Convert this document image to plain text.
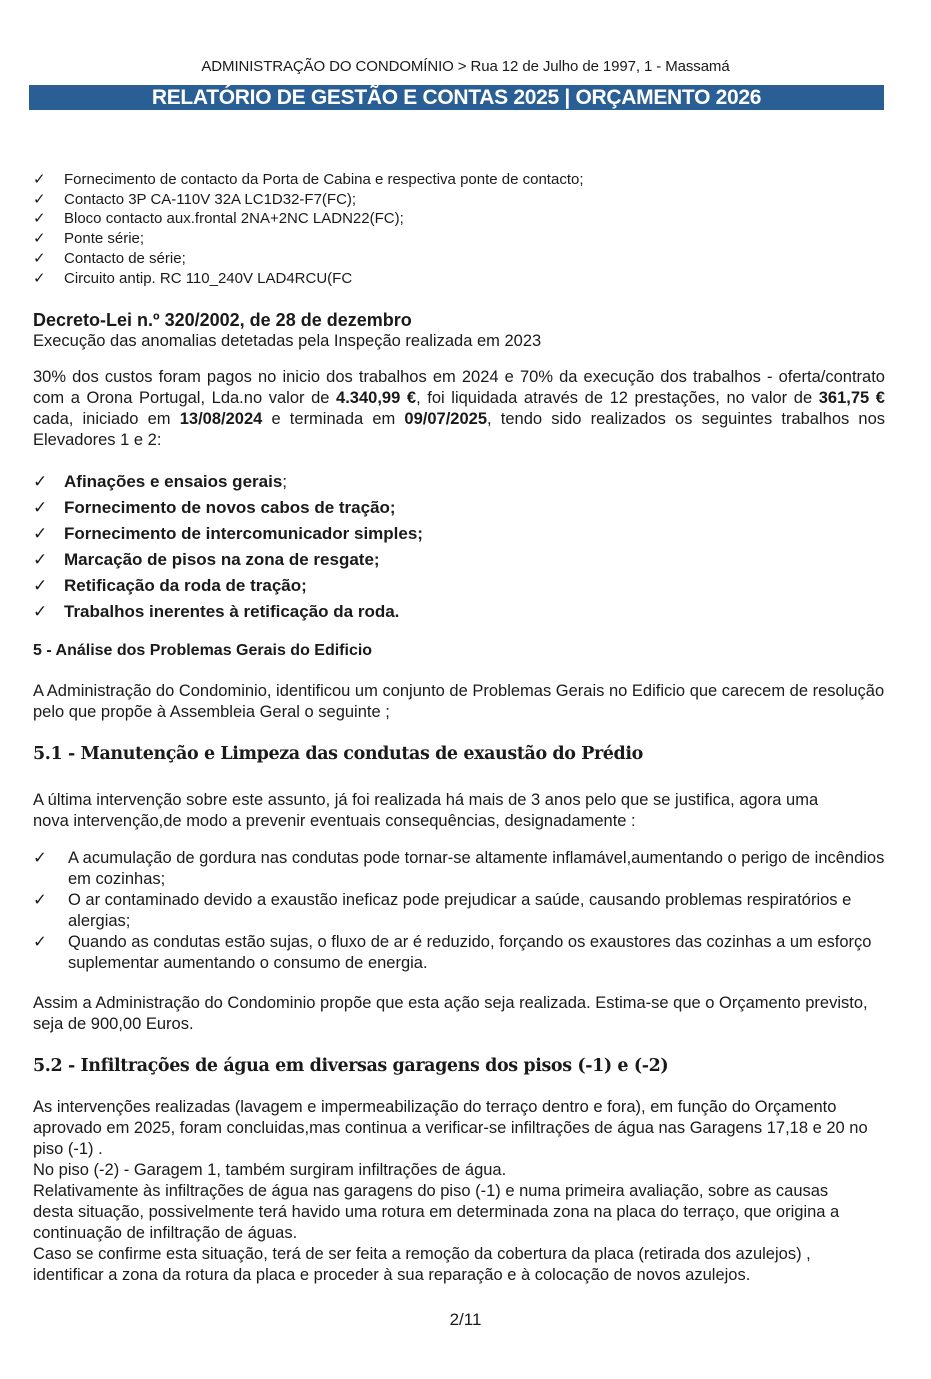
ADMINISTRAÇÃO DO CONDOMÍNIO > Rua 12 de Julho de 1997, 1 - Massamá
RELATÓRIO DE GESTÃO E CONTAS 2025 | ORÇAMENTO 2026
✓ Fornecimento de contacto da Porta de Cabina e respectiva ponte de contacto;
✓ Contacto 3P CA-110V 32A LC1D32-F7(FC);
✓ Bloco contacto aux.frontal 2NA+2NC LADN22(FC);
✓ Ponte série;
✓ Contacto de série;
✓ Circuito antip. RC 110_240V LAD4RCU(FC
Decreto-Lei n.º 320/2002, de 28 de dezembro

Execução das anomalias detetadas pela Inspeção realizada em 2023

30% dos custos foram pagos no inicio dos trabalhos em 2024 e 70% da execução dos trabalhos - oferta/contrato com a Orona Portugal, Lda.no valor de 4.340,99 €, foi liquidada através de 12 prestações, no valor de 361,75 € cada, iniciado em 13/08/2024 e terminada em 09/07/2025, tendo sido realizados os seguintes trabalhos nos Elevadores 1 e 2:

✓ Afinações e ensaios gerais;
✓ Fornecimento de novos cabos de tração;
✓ Fornecimento de intercomunicador simples;
✓ Marcação de pisos na zona de resgate;
✓ Retificação da roda de tração;
✓ Trabalhos inerentes à retificação da roda.
5 - Análise dos Problemas Gerais do Edificio

A Administração do Condominio, identificou um conjunto de Problemas Gerais no Edificio que carecem de resolução pelo que propõe à Assembleia Geral o seguinte ;

5.1 - Manutenção e Limpeza das condutas de exaustão do Prédio

A última intervenção sobre este assunto, já foi realizada há mais de 3 anos pelo que se justifica, agora uma nova intervenção,de modo a prevenir eventuais consequências, designadamente :

✓ A acumulação de gordura nas condutas pode tornar-se altamente inflamável,aumentando o perigo de incêndios em cozinhas;
✓ O ar contaminado devido a exaustão ineficaz pode prejudicar a saúde, causando problemas respiratórios e alergias;
✓ Quando as condutas estão sujas, o fluxo de ar é reduzido, forçando os exaustores das cozinhas a um esforço suplementar aumentando o consumo de energia.

Assim a Administração do Condominio propõe que esta ação seja realizada. Estima-se que o Orçamento previsto, seja de 900,00 Euros.

5.2 - Infiltrações de água em diversas garagens dos pisos (-1) e (-2)

As intervenções realizadas (lavagem e impermeabilização do terraço dentro e fora), em função do Orçamento aprovado em 2025, foram concluidas,mas continua a verificar-se infiltrações de água nas Garagens 17,18 e 20 no piso (-1) .

No piso (-2) - Garagem 1, também surgiram infiltrações de água.

Relativamente às infiltrações de água nas garagens do piso (-1) e numa primeira avaliação, sobre as causas desta situação, possivelmente terá havido uma rotura em determinada zona na placa do terraço, que origina a continuação de infiltração de águas.

Caso se confirme esta situação, terá de ser feita a remoção da cobertura da placa (retirada dos azulejos) , identificar a zona da rotura da placa e proceder à sua reparação e à colocação de novos azulejos.

2/11
